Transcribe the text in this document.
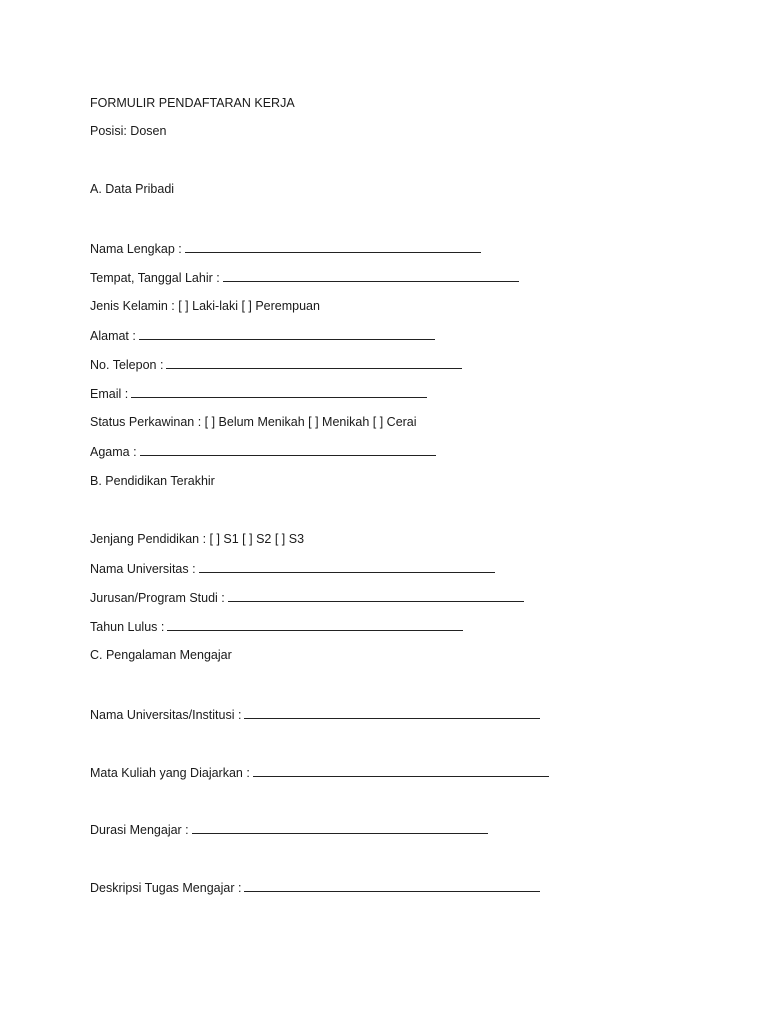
FORMULIR PENDAFTARAN KERJA
Posisi: Dosen
A. Data Pribadi
Nama Lengkap :
Tempat, Tanggal Lahir :
Jenis Kelamin : [ ] Laki-laki [ ] Perempuan
Alamat :
No. Telepon :
Email :
Status Perkawinan : [ ] Belum Menikah [ ] Menikah [ ] Cerai
Agama :
B. Pendidikan Terakhir
Jenjang Pendidikan : [ ] S1 [ ] S2 [ ] S3
Nama Universitas :
Jurusan/Program Studi :
Tahun Lulus :
C. Pengalaman Mengajar
Nama Universitas/Institusi :
Mata Kuliah yang Diajarkan :
Durasi Mengajar :
Deskripsi Tugas Mengajar :
